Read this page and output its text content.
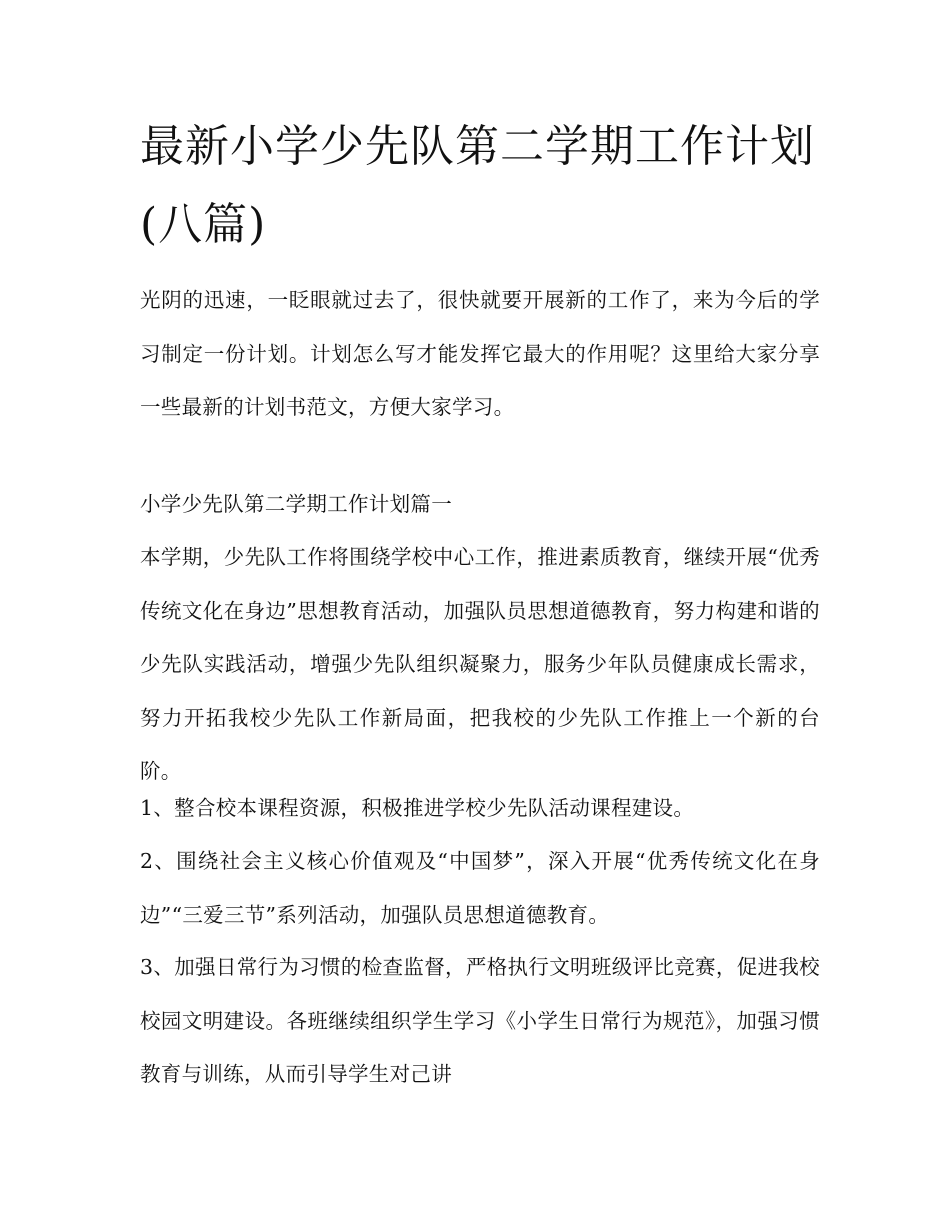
最新小学少先队第二学期工作计划(八篇)

光阴的迅速，一眨眼就过去了，很快就要开展新的工作了，来为今后的学习制定一份计划。计划怎么写才能发挥它最大的作用呢？这里给大家分享一些最新的计划书范文，方便大家学习。

小学少先队第二学期工作计划篇一

本学期，少先队工作将围绕学校中心工作，推进素质教育，继续开展“优秀传统文化在身边”思想教育活动，加强队员思想道德教育，努力构建和谐的少先队实践活动，增强少先队组织凝聚力，服务少年队员健康成长需求，努力开拓我校少先队工作新局面，把我校的少先队工作推上一个新的台阶。

1、整合校本课程资源，积极推进学校少先队活动课程建设。

2、围绕社会主义核心价值观及“中国梦”，深入开展“优秀传统文化在身边”“三爱三节”系列活动，加强队员思想道德教育。

3、加强日常行为习惯的检查监督，严格执行文明班级评比竞赛，促进我校校园文明建设。各班继续组织学生学习《小学生日常行为规范》，加强习惯教育与训练，从而引导学生对己讲
